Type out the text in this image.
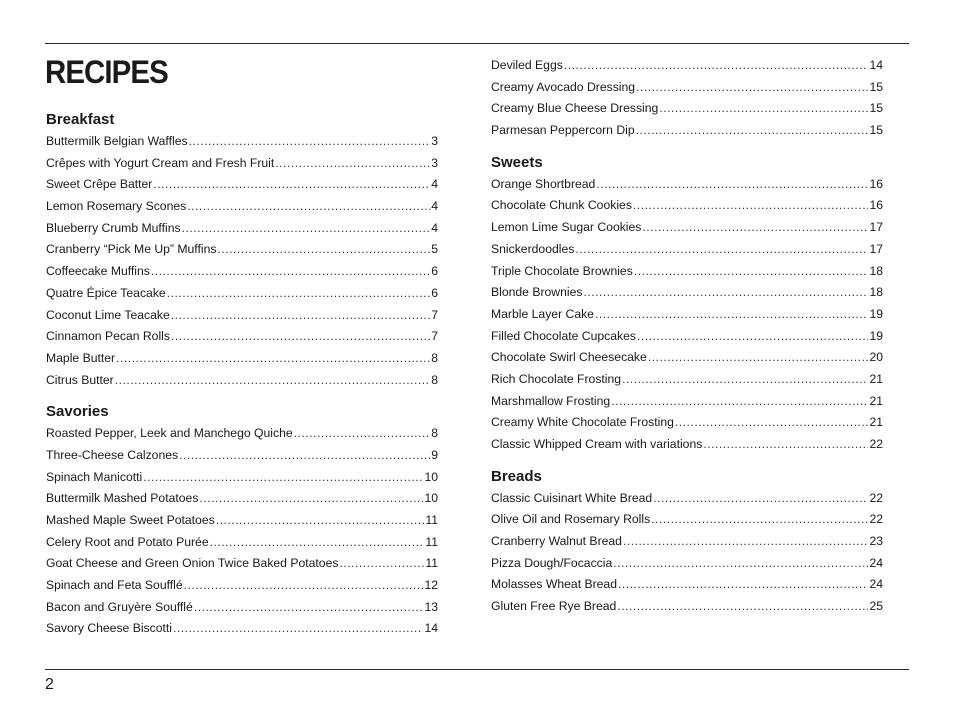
RECIPES
Breakfast
Buttermilk Belgian Waffles .....	3
Crêpes with Yogurt Cream and Fresh Fruit .....	3
Sweet Crêpe Batter .....	4
Lemon Rosemary Scones .....	4
Blueberry Crumb Muffins .....	4
Cranberry “Pick Me Up” Muffins .....	5
Coffeecake Muffins .....	6
Quatre Épice Teacake .....	6
Coconut Lime Teacake .....	7
Cinnamon Pecan Rolls .....	7
Maple Butter .....	8
Citrus Butter .....	8
Savories
Roasted Pepper, Leek and Manchego Quiche .....	8
Three-Cheese Calzones .....	9
Spinach Manicotti .....	10
Buttermilk Mashed Potatoes .....	10
Mashed Maple Sweet Potatoes .....	11
Celery Root and Potato Purée .....	11
Goat Cheese and Green Onion Twice Baked Potatoes .....	11
Spinach and Feta Soufflé .....	12
Bacon and Gruyère Soufflé .....	13
Savory Cheese Biscotti .....	14
Deviled Eggs .....	14
Creamy Avocado Dressing .....	15
Creamy Blue Cheese Dressing .....	15
Parmesan Peppercorn Dip .....	15
Sweets
Orange Shortbread .....	16
Chocolate Chunk Cookies .....	16
Lemon Lime Sugar Cookies .....	17
Snickerdoodles .....	17
Triple Chocolate Brownies .....	18
Blonde Brownies .....	18
Marble Layer Cake .....	19
Filled Chocolate Cupcakes .....	19
Chocolate Swirl Cheesecake .....	20
Rich Chocolate Frosting .....	21
Marshmallow Frosting .....	21
Creamy White Chocolate Frosting .....	21
Classic Whipped Cream with variations .....	22
Breads
Classic Cuisinart White Bread .....	22
Olive Oil and Rosemary Rolls .....	22
Cranberry Walnut Bread .....	23
Pizza Dough/Focaccia .....	24
Molasses Wheat Bread .....	24
Gluten Free Rye Bread .....	25
2
